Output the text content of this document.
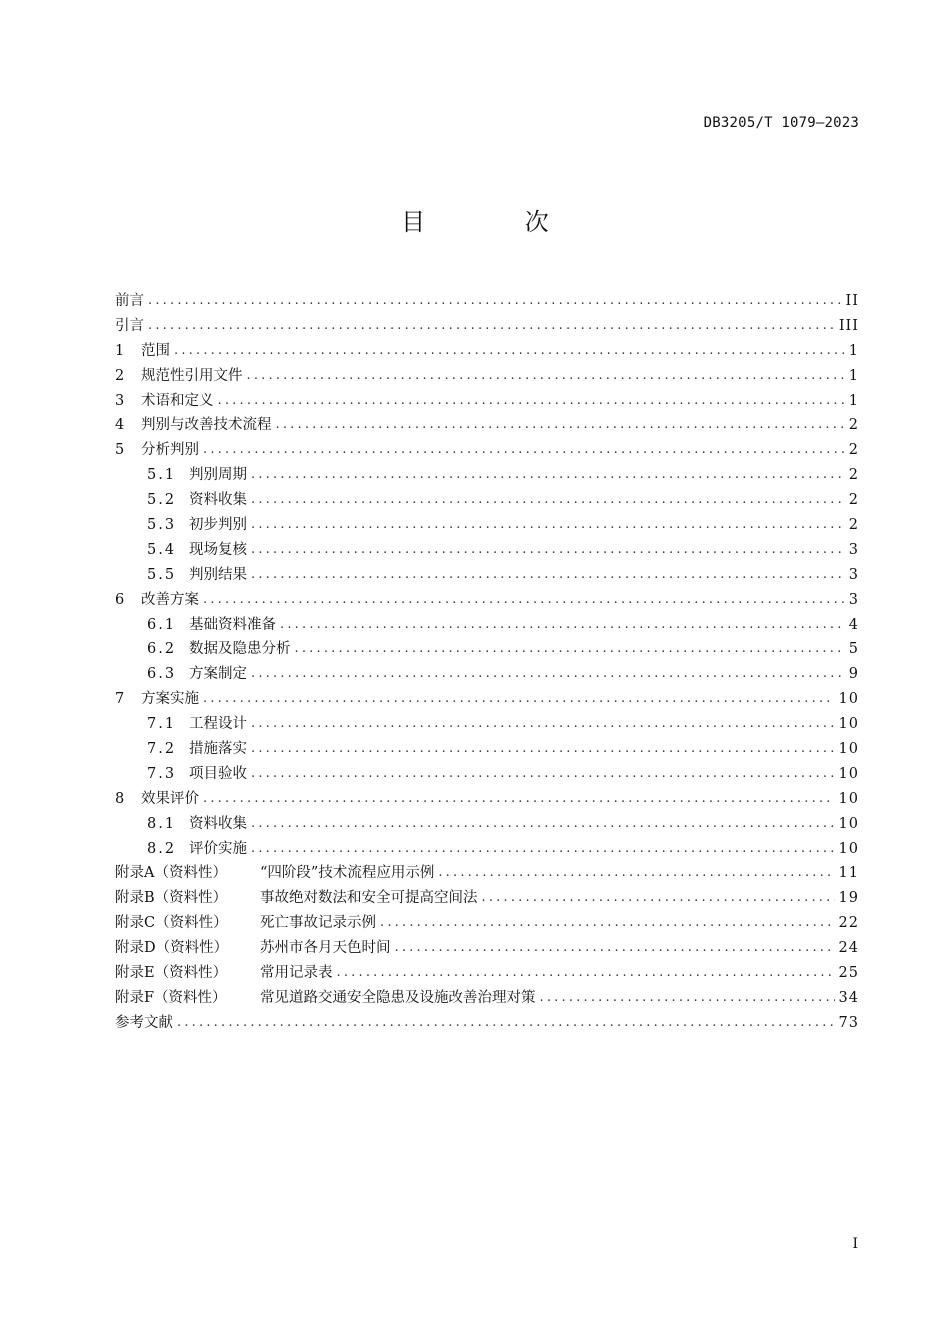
DB3205/T 1079—2023
目 次
前言 .....	II
引言 .....	III
1	范围 .....	1
2	规范性引用文件 .....	1
3	术语和定义 .....	1
4	判别与改善技术流程 .....	2
5	分析判别 .....	2
5.1 判别周期 .....	2
5.2 资料收集 .....	2
5.3 初步判别 .....	2
5.4 现场复核 .....	3
5.5 判别结果 .....	3
6	改善方案 .....	3
6.1 基础资料准备 .....	4
6.2 数据及隐患分析 .....	5
6.3 方案制定 .....	9
7	方案实施 .....	10
7.1 工程设计 .....	10
7.2 措施落实 .....	10
7.3 项目验收 .....	10
8	效果评价 .....	10
8.1 资料收集 .....	10
8.2 评价实施 .....	10
附录A（资料性）	“四阶段”技术流程应用示例 .....	11
附录B（资料性）	事故绝对数法和安全可提高空间法 .....	19
附录C（资料性）	死亡事故记录示例 .....	22
附录D（资料性）	苏州市各月天色时间 .....	24
附录E（资料性）	常用记录表 .....	25
附录F（资料性）	常见道路交通安全隐患及设施改善治理对策 .....	34
参考文献 .....	73
I
